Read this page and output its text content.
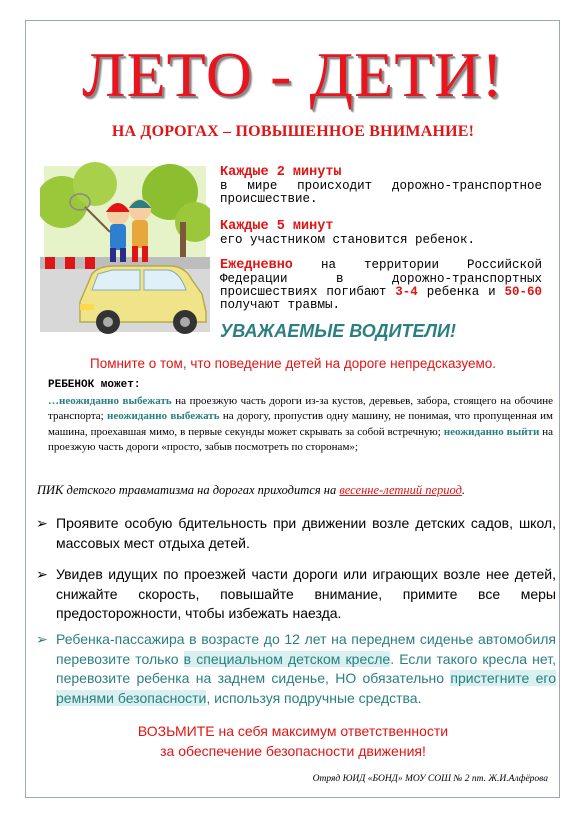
ЛЕТО - ДЕТИ!
НА ДОРОГАХ – ПОВЫШЕННОЕ ВНИМАНИЕ!
Каждые 2 минуты
в мире происходит дорожно-транспортное происшествие.
Каждые 5 минут
его участником становится ребенок.
Ежедневно на территории Российской Федерации в дорожно-транспортных происшествиях погибают 3-4 ребенка и 50-60 получают травмы.
УВАЖАЕМЫЕ ВОДИТЕЛИ!
Помните о том, что поведение детей на дороге непредсказуемо.
РЕБЕНОК может:
…неожиданно выбежать на проезжую часть дороги из-за кустов, деревьев, забора, стоящего на обочине транспорта; неожиданно выбежать на дорогу, пропустив одну машину, не понимая, что пропущенная им машина, проехавшая мимо, в первые секунды может скрывать за собой встречную; неожиданно выйти на проезжую часть дороги «просто, забыв посмотреть по сторонам»;
ПИК детского травматизма на дорогах приходится на весенне-летний период.
➢ Проявите особую бдительность при движении возле детских садов, школ, массовых мест отдыха детей.
➢ Увидев идущих по проезжей части дороги или играющих возле нее детей, снижайте скорость, повышайте внимание, примите все меры предосторожности, чтобы избежать наезда.
➢ Ребенка-пассажира в возрасте до 12 лет на переднем сиденье автомобиля перевозите только в специальном детском кресле. Если такого кресла нет, перевозите ребенка на заднем сиденье, НО обязательно пристегните его ремнями безопасности, используя подручные средства.
ВОЗЬМИТЕ на себя максимум ответственности
за обеспечение безопасности движения!
Отряд ЮИД «БОНД» МОУ СОШ № 2 пт. Ж.И.Алфёрова
